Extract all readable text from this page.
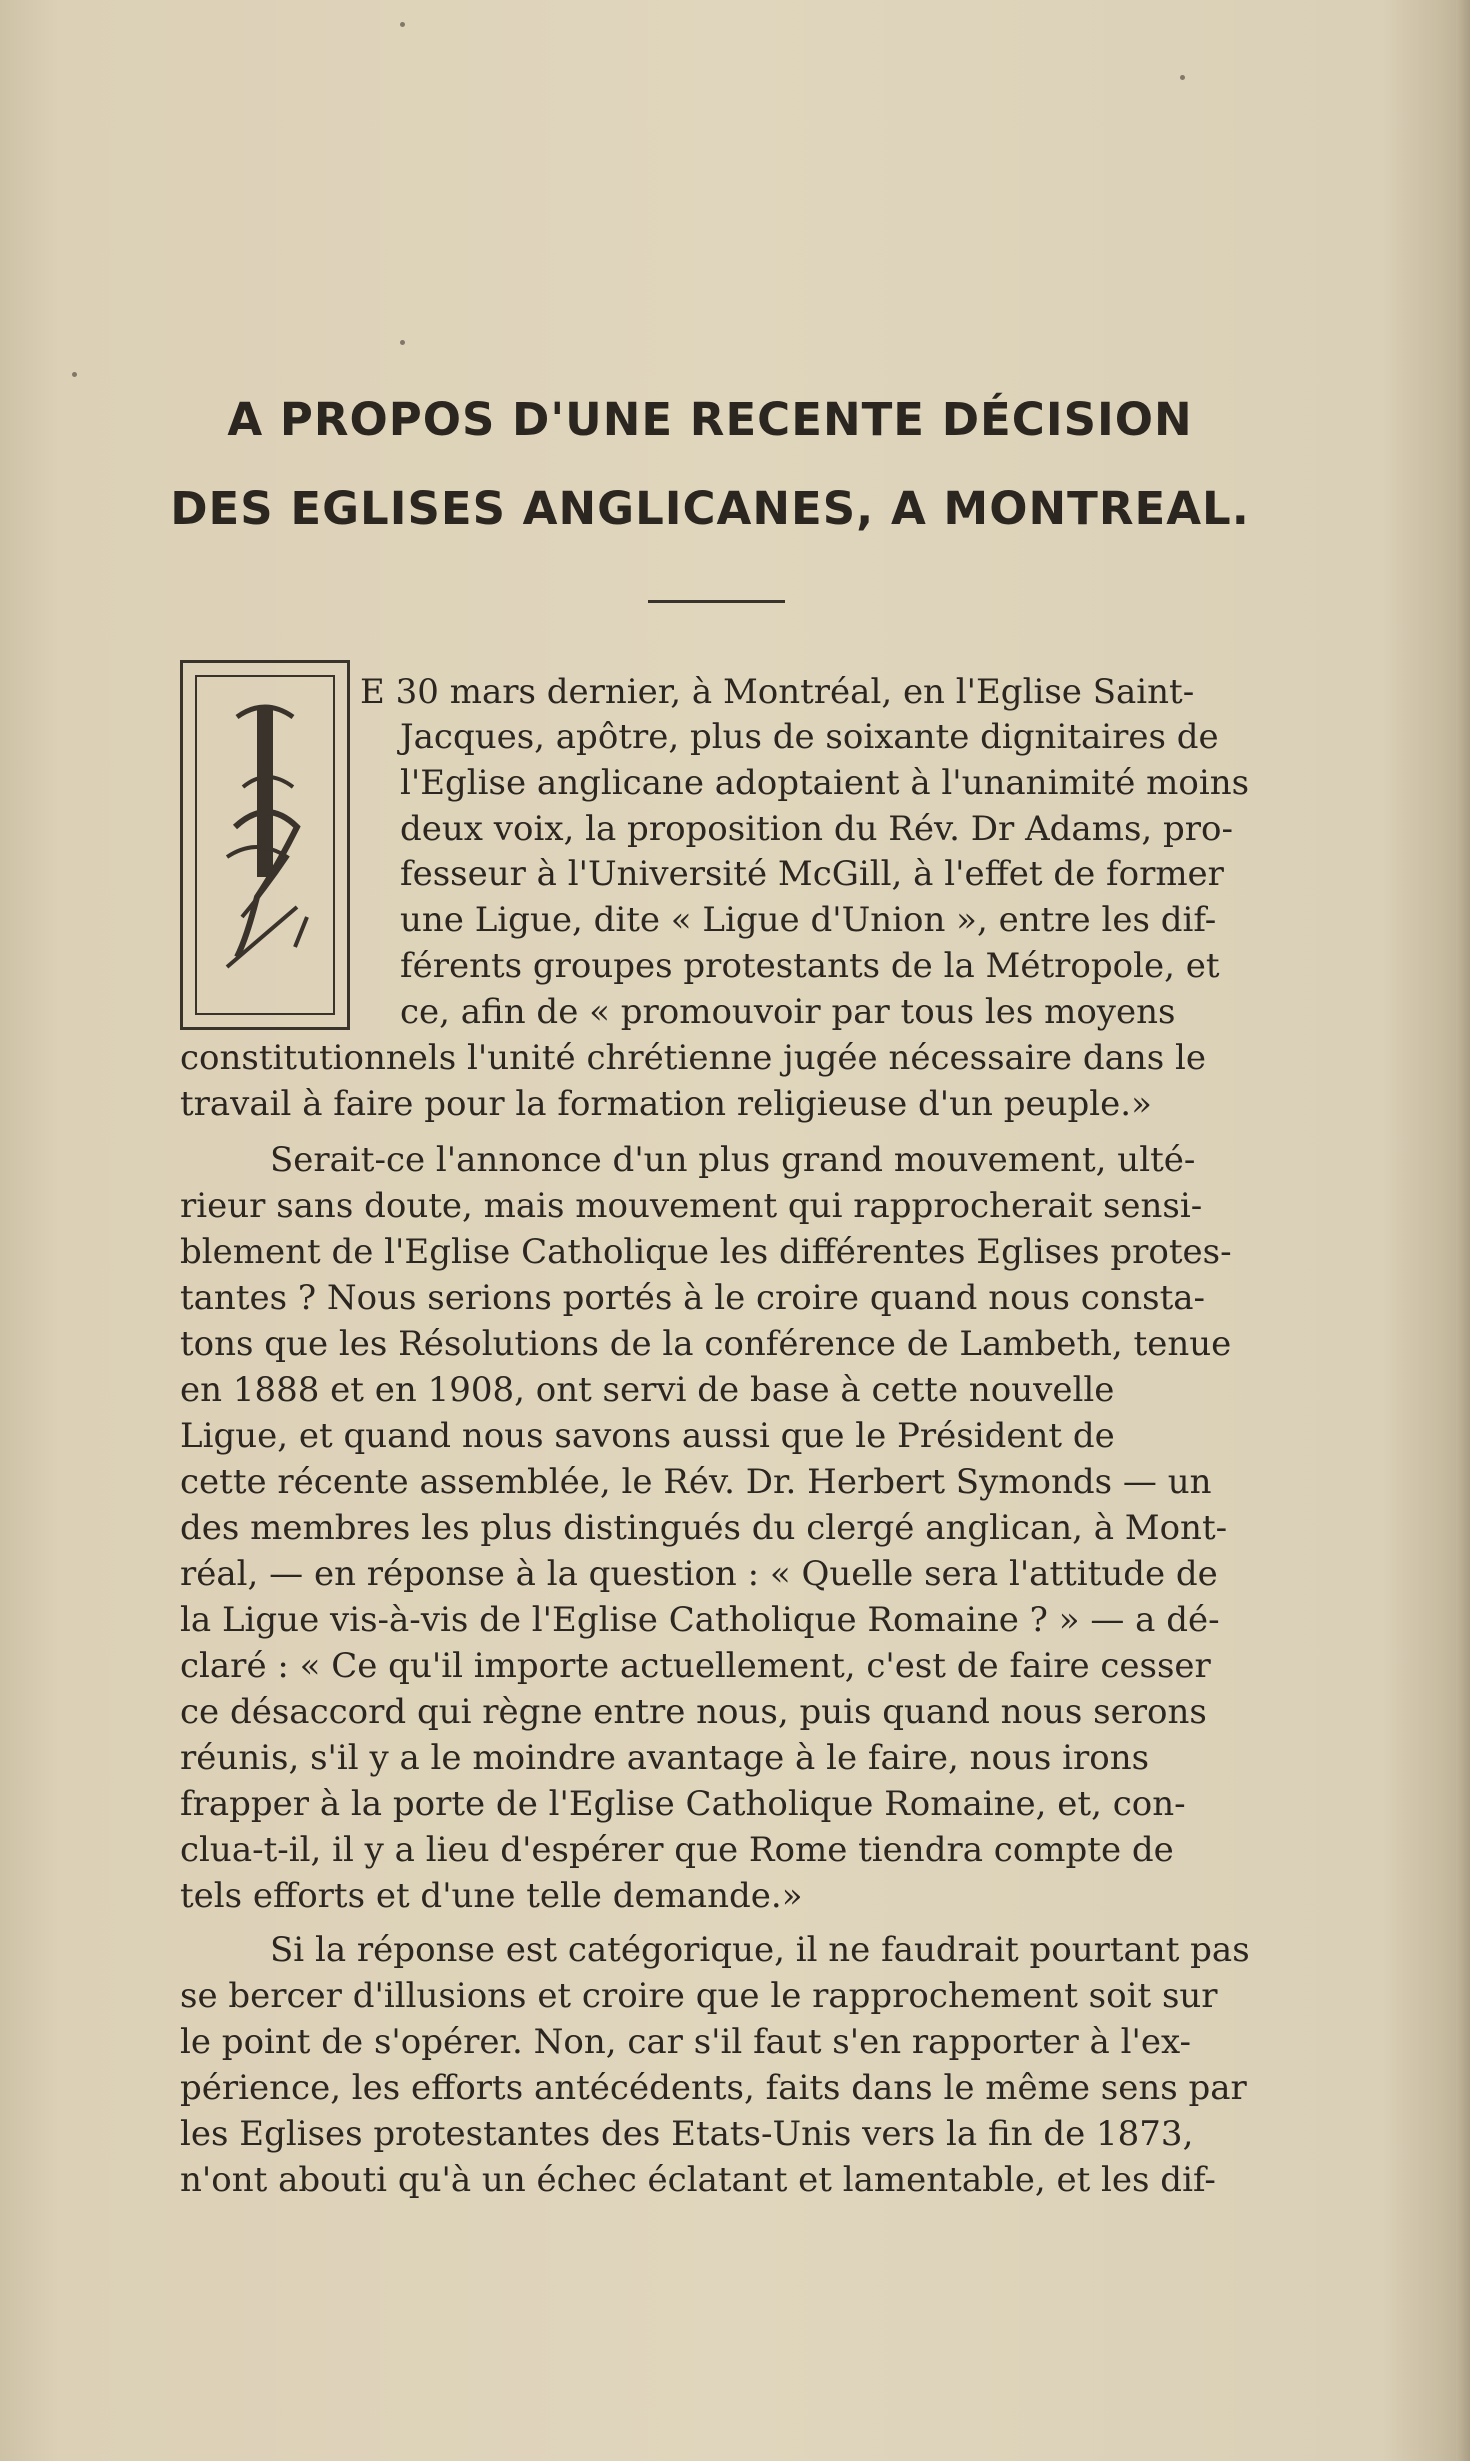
A PROPOS D'UNE RECENTE DÉCISION
DES EGLISES ANGLICANES, A MONTREAL.
L
E 30 mars dernier, à Montréal, en l'Eglise Saint-
Jacques, apôtre, plus de soixante dignitaires de
l'Eglise anglicane adoptaient à l'unanimité moins
deux voix, la proposition du Rév. Dr Adams, pro-
fesseur à l'Université McGill, à l'effet de former
une Ligue, dite « Ligue d'Union », entre les dif-
férents groupes protestants de la Métropole, et
ce, afin de « promouvoir par tous les moyens
constitutionnels l'unité chrétienne jugée nécessaire dans le
travail à faire pour la formation religieuse d'un peuple.»
Serait-ce l'annonce d'un plus grand mouvement, ulté-
rieur sans doute, mais mouvement qui rapprocherait sensi-
blement de l'Eglise Catholique les différentes Eglises protes-
tantes ? Nous serions portés à le croire quand nous consta-
tons que les Résolutions de la conférence de Lambeth, tenue
en 1888 et en 1908, ont servi de base à cette nouvelle
Ligue, et quand nous savons aussi que le Président de
cette récente assemblée, le Rév. Dr. Herbert Symonds — un
des membres les plus distingués du clergé anglican, à Mont-
réal, — en réponse à la question : « Quelle sera l'attitude de
la Ligue vis-à-vis de l'Eglise Catholique Romaine ? » — a dé-
claré : « Ce qu'il importe actuellement, c'est de faire cesser
ce désaccord qui règne entre nous, puis quand nous serons
réunis, s'il y a le moindre avantage à le faire, nous irons
frapper à la porte de l'Eglise Catholique Romaine, et, con-
clua-t-il, il y a lieu d'espérer que Rome tiendra compte de
tels efforts et d'une telle demande.»
Si la réponse est catégorique, il ne faudrait pourtant pas
se bercer d'illusions et croire que le rapprochement soit sur
le point de s'opérer. Non, car s'il faut s'en rapporter à l'ex-
périence, les efforts antécédents, faits dans le même sens par
les Eglises protestantes des Etats-Unis vers la fin de 1873,
n'ont abouti qu'à un échec éclatant et lamentable, et les dif-
